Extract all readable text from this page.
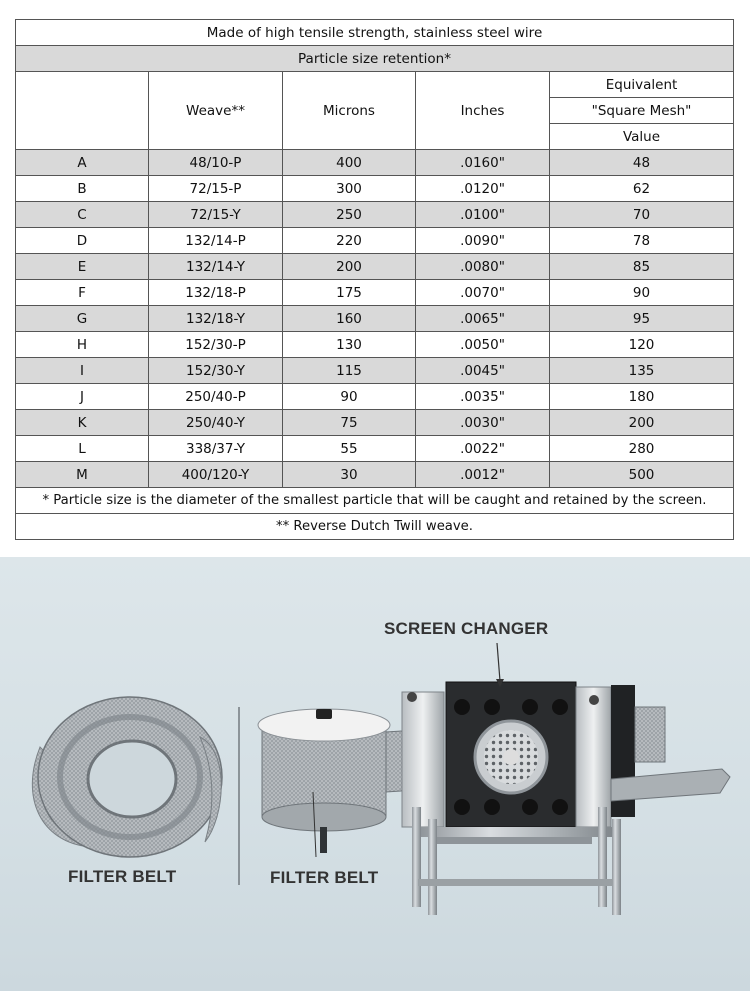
Made of high tensile strength, stainless steel wire				
Particle size retention*				
	Weave**	Microns	Inches	Equivalent
				"Square Mesh"
				Value
A	48/10-P	400	.0160"	48
B	72/15-P	300	.0120"	62
C	72/15-Y	250	.0100"	70
D	132/14-P	220	.0090"	78
E	132/14-Y	200	.0080"	85
F	132/18-P	175	.0070"	90
G	132/18-Y	160	.0065"	95
H	152/30-P	130	.0050"	120
I	152/30-Y	115	.0045"	135
J	250/40-P	90	.0035"	180
K	250/40-Y	75	.0030"	200
L	338/37-Y	55	.0022"	280
M	400/120-Y	30	.0012"	500
* Particle size is the diameter of the smallest particle that will be caught and retained by the screen.				
** Reverse Dutch Twill weave.				
SCREEN CHANGER
FILTER BELT	FILTER BELT
